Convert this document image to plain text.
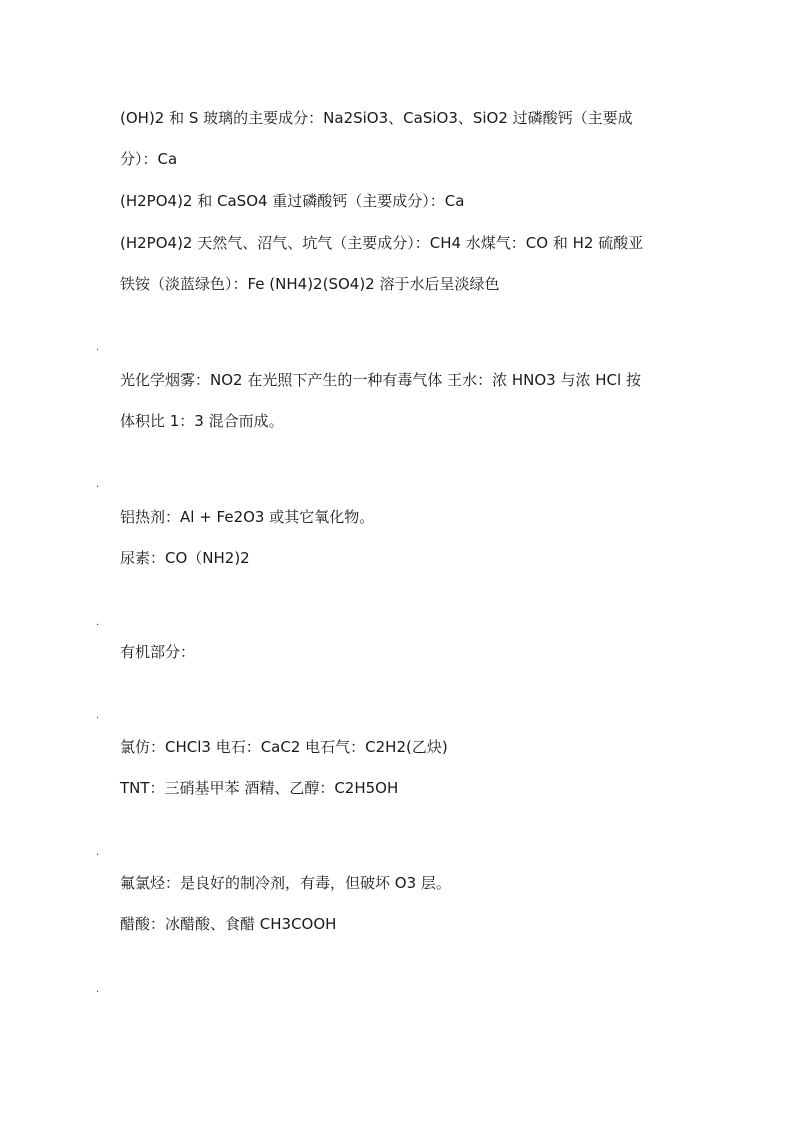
(OH)2 和 S 玻璃的主要成分：Na2SiO3、CaSiO3、SiO2 过磷酸钙（主要成
分）：Ca
(H2PO4)2 和 CaSO4 重过磷酸钙（主要成分）：Ca
(H2PO4)2 天然气、沼气、坑气（主要成分）：CH4 水煤气：CO 和 H2 硫酸亚
铁铵（淡蓝绿色）：Fe (NH4)2(SO4)2 溶于水后呈淡绿色
.
光化学烟雾：NO2 在光照下产生的一种有毒气体 王水：浓 HNO3 与浓 HCl 按
体积比 1：3 混合而成。
.
铝热剂：Al + Fe2O3 或其它氧化物。
尿素：CO（NH2)2
.
有机部分：
.
氯仿：CHCl3 电石：CaC2 电石气：C2H2(乙炔)
TNT：三硝基甲苯 酒精、乙醇：C2H5OH
.
氟氯烃：是良好的制冷剂，有毒，但破坏 O3 层。
醋酸：冰醋酸、食醋 CH3COOH
.
